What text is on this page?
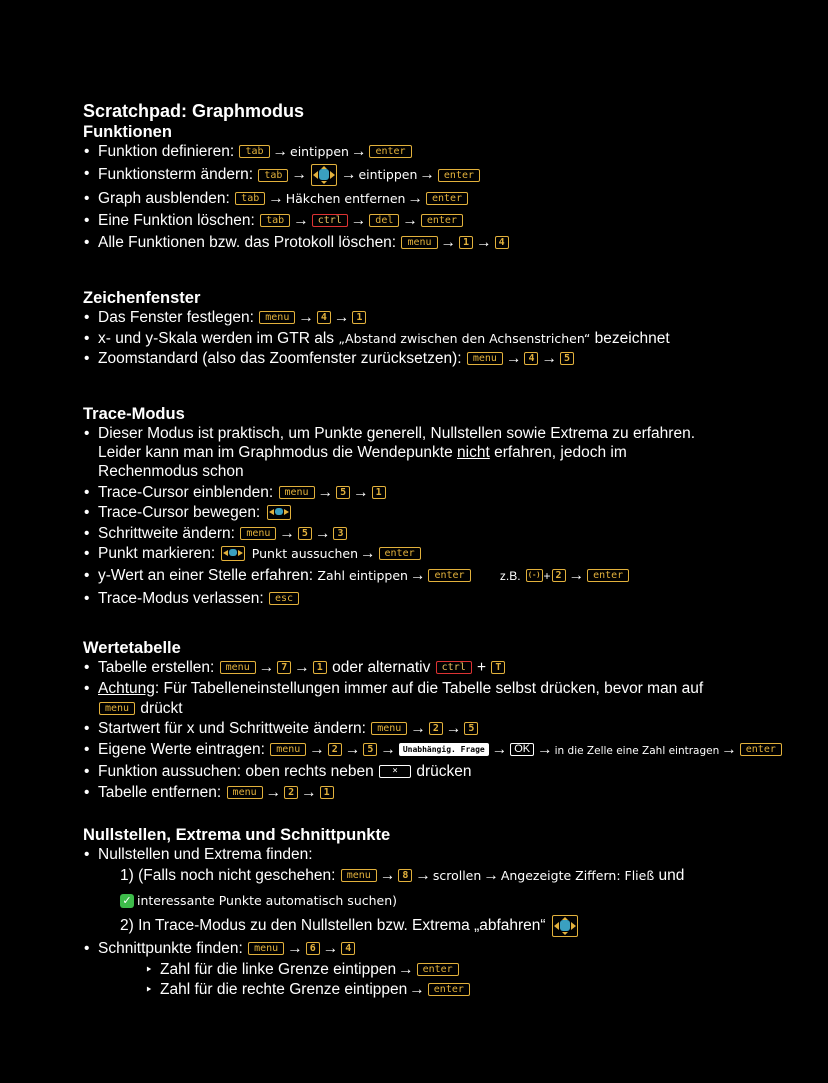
Scratchpad: Graphmodus
Funktionen
• Funktion definieren: tab → eintippen → enter
• Funktionsterm ändern: tab → → eintippen → enter
• Graph ausblenden: tab → Häkchen entfernen → enter
• Eine Funktion löschen: tab → ctrl → del → enter
• Alle Funktionen bzw. das Protokoll löschen: menu → 1 → 4
Zeichenfenster
• Das Fenster festlegen: menu → 4 → 1
• x- und y-Skala werden im GTR als „Abstand zwischen den Achsenstrichen“ bezeichnet
• Zoomstandard (also das Zoomfenster zurücksetzen): menu → 4 → 5
Trace-Modus
• Dieser Modus ist praktisch, um Punkte generell, Nullstellen sowie Extrema zu erfahren.
Leider kann man im Graphmodus die Wendepunkte nicht erfahren, jedoch im
Rechenmodus schon
• Trace-Cursor einblenden: menu → 5 → 1
• Trace-Cursor bewegen:
• Schrittweite ändern: menu → 5 → 3
• Punkt markieren:	Punkt aussuchen → enter
• y-Wert an einer Stelle erfahren: Zahl eintippen → enter	z.B. (-) + 2 → enter
• Trace-Modus verlassen: esc
Wertetabelle
• Tabelle erstellen: menu → 7 → 1 oder alternativ ctrl + T
• Achtung: Für Tabelleneinstellungen immer auf die Tabelle selbst drücken, bevor man auf
menu drückt
• Startwert für x und Schrittweite ändern: menu → 2 → 5
• Eigene Werte eintragen: menu → 2 → 5 → Unabhängig. Frage → OK → in die Zelle eine Zahl eintragen → enter
• Funktion aussuchen: oben rechts neben × drücken
• Tabelle entfernen: menu → 2 → 1
Nullstellen, Extrema und Schnittpunkte
• Nullstellen und Extrema finden:
1) (Falls noch nicht geschehen: menu → 8 → scrollen → Angezeigte Ziffern: Fließ und
✓ interessante Punkte automatisch suchen)
2) In Trace-Modus zu den Nullstellen bzw. Extrema „abfahren“
• Schnittpunkte finden: menu → 6 → 4
‣ Zahl für die linke Grenze eintippen → enter
‣ Zahl für die rechte Grenze eintippen → enter
